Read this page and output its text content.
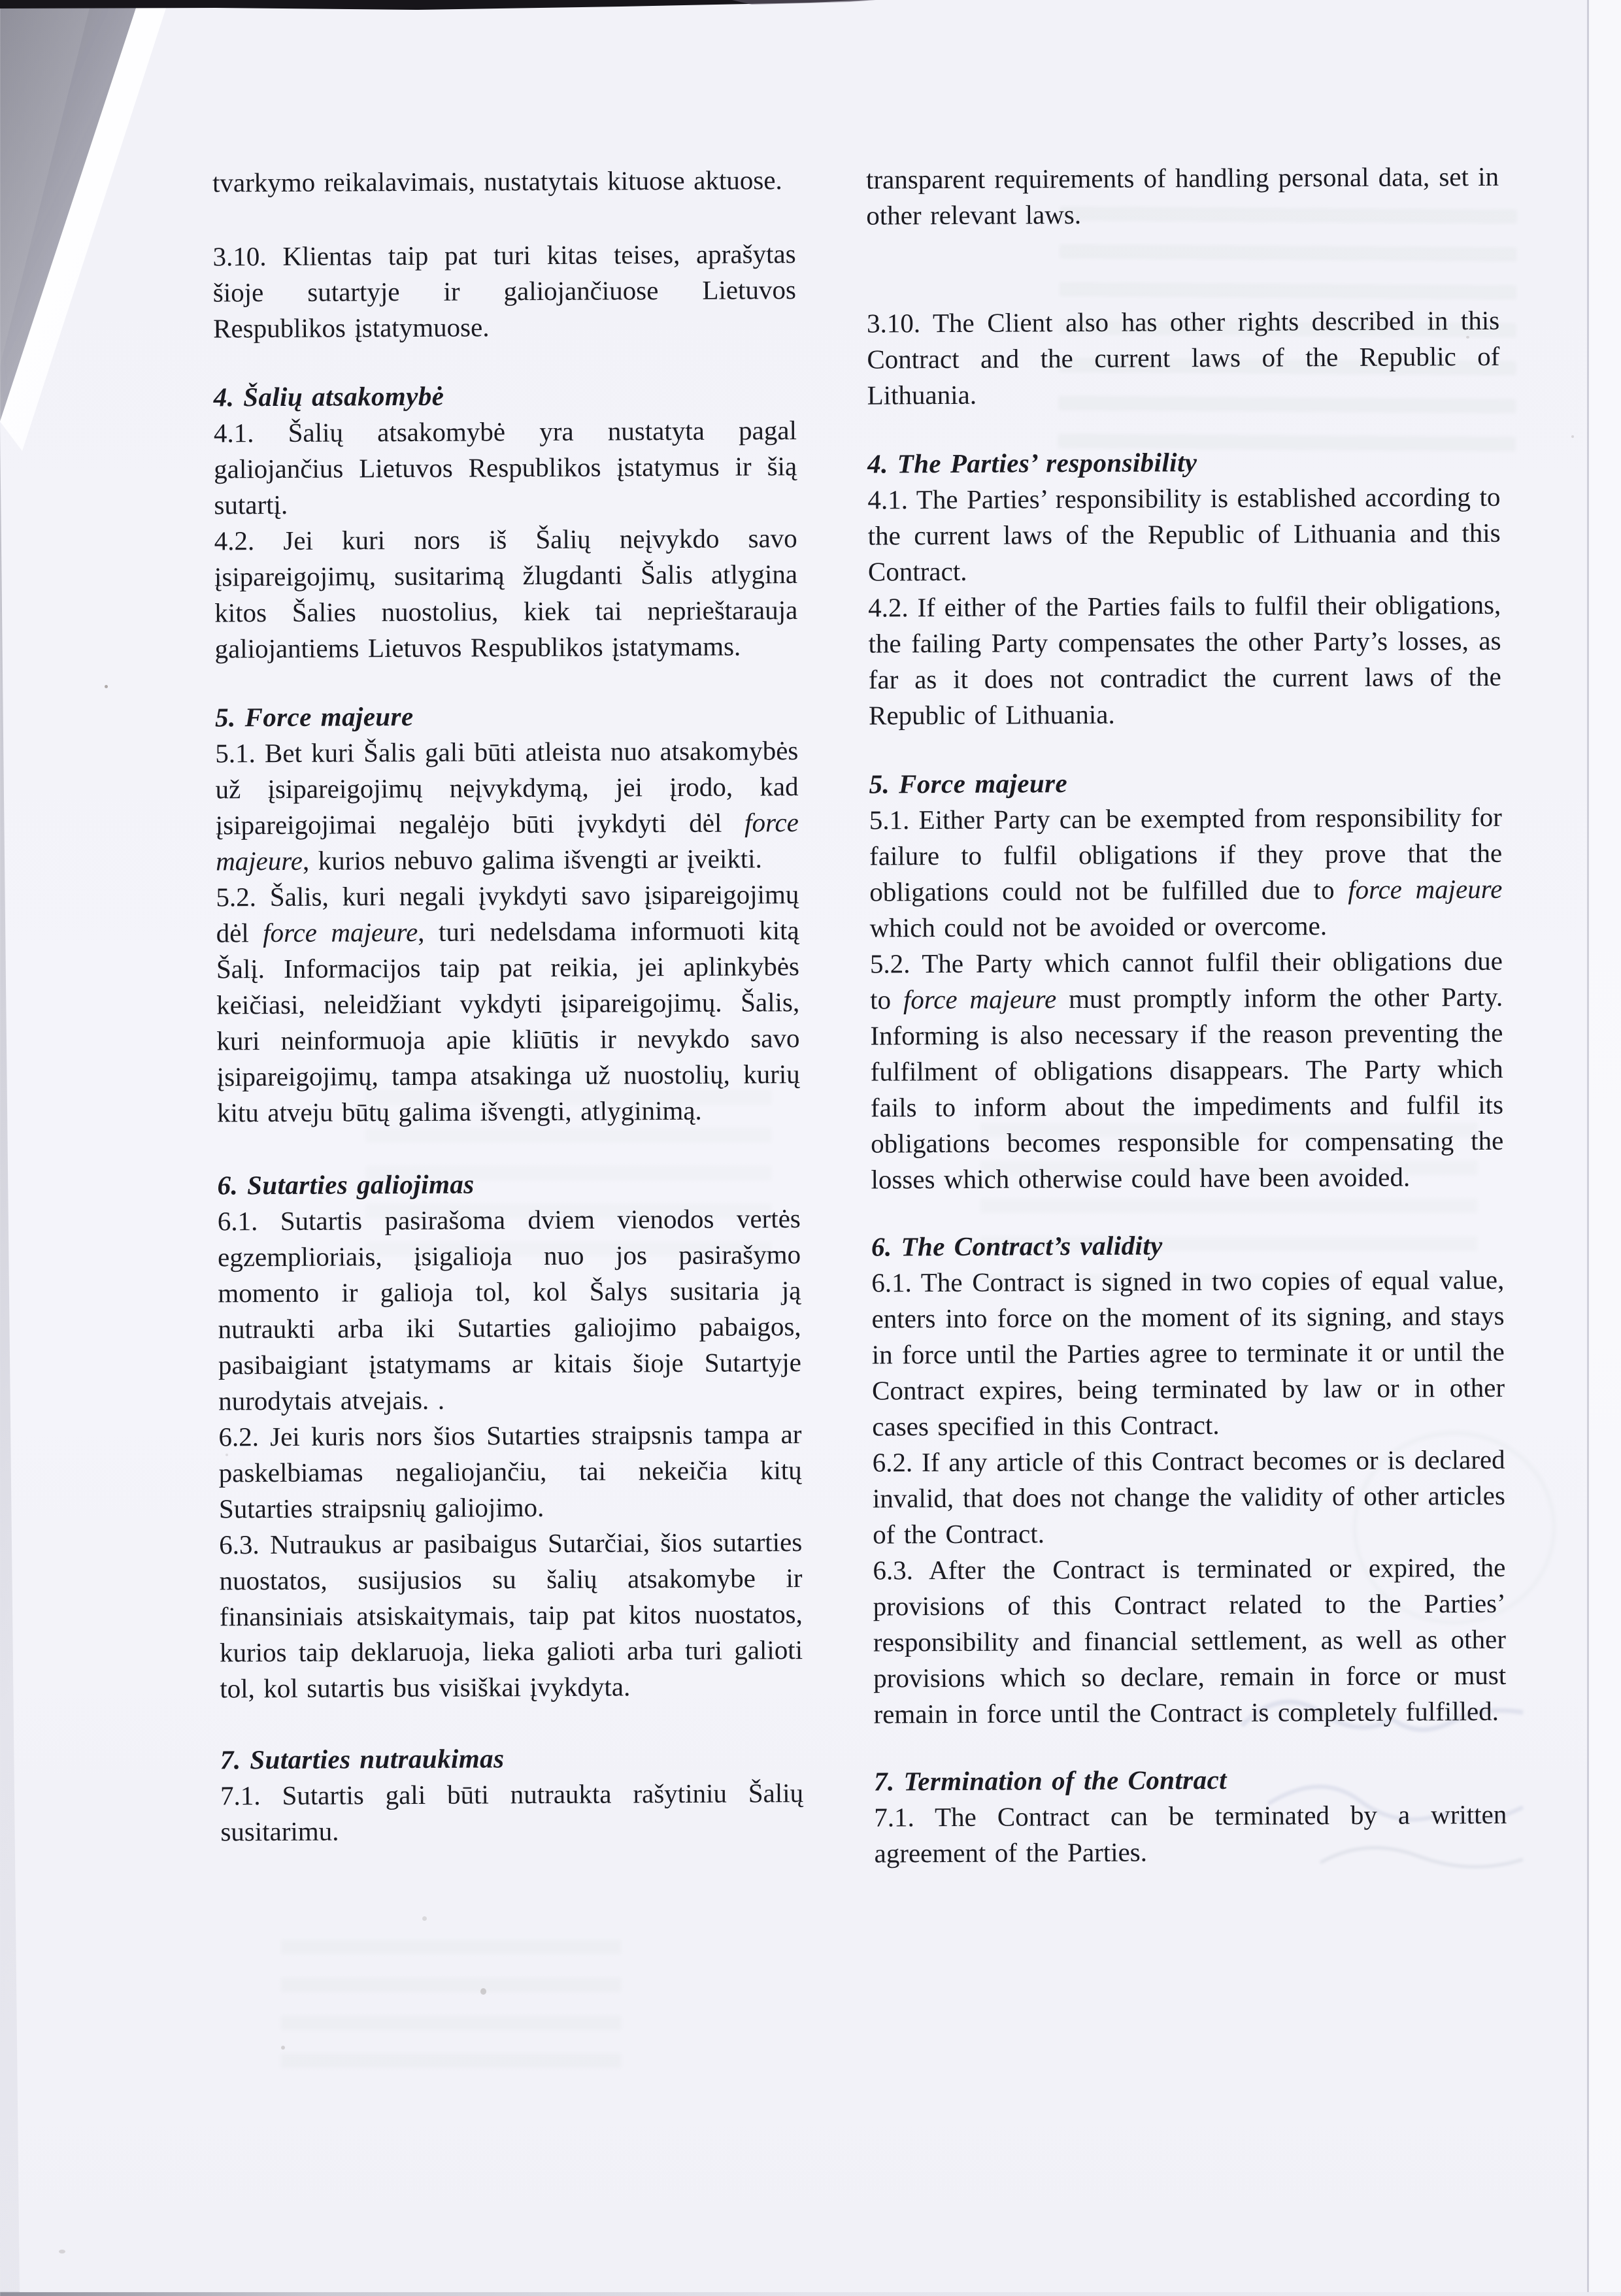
tvarkymo reikalavimais, nustatytais kituose aktuose.
3.10. Klientas taip pat turi kitas teises, aprašytas šioje sutartyje ir galiojančiuose Lietuvos Respublikos įstatymuose.
4. Šalių atsakomybė
4.1. Šalių atsakomybė yra nustatyta pagal galiojančius Lietuvos Respublikos įstatymus ir šią sutartį.
4.2. Jei kuri nors iš Šalių neįvykdo savo įsipareigojimų, susitarimą žlugdanti Šalis atlygina kitos Šalies nuostolius, kiek tai neprieštarauja galiojantiems Lietuvos Respublikos įstatymams.
5. Force majeure
5.1. Bet kuri Šalis gali būti atleista nuo atsakomybės už įsipareigojimų neįvykdymą, jei įrodo, kad įsipareigojimai negalėjo būti įvykdyti dėl force majeure, kurios nebuvo galima išvengti ar įveikti.
5.2. Šalis, kuri negali įvykdyti savo įsipareigojimų dėl force majeure, turi nedelsdama informuoti kitą Šalį. Informacijos taip pat reikia, jei aplinkybės keičiasi, neleidžiant vykdyti įsipareigojimų. Šalis, kuri neinformuoja apie kliūtis ir nevykdo savo įsipareigojimų, tampa atsakinga už nuostolių, kurių kitu atveju būtų galima išvengti, atlyginimą.
6. Sutarties galiojimas
6.1. Sutartis pasirašoma dviem vienodos vertės egzemplioriais, įsigalioja nuo jos pasirašymo momento ir galioja tol, kol Šalys susitaria ją nutraukti arba iki Sutarties galiojimo pabaigos, pasibaigiant įstatymams ar kitais šioje Sutartyje nurodytais atvejais. .
6.2. Jei kuris nors šios Sutarties straipsnis tampa ar paskelbiamas negaliojančiu, tai nekeičia kitų Sutarties straipsnių galiojimo.
6.3. Nutraukus ar pasibaigus Sutarčiai, šios sutarties nuostatos, susijusios su šalių atsakomybe ir finansiniais atsiskaitymais, taip pat kitos nuostatos, kurios taip deklaruoja, lieka galioti arba turi galioti tol, kol sutartis bus visiškai įvykdyta.
7. Sutarties nutraukimas
7.1. Sutartis gali būti nutraukta rašytiniu Šalių susitarimu.
transparent requirements of handling personal data, set in other relevant laws.
3.10. The Client also has other rights described in this Contract and the current laws of the Republic of Lithuania.
4. The Parties’ responsibility
4.1. The Parties’ responsibility is established according to the current laws of the Republic of Lithuania and this Contract.
4.2. If either of the Parties fails to fulfil their obligations, the failing Party compensates the other Party’s losses, as far as it does not contradict the current laws of the Republic of Lithuania.
5. Force majeure
5.1. Either Party can be exempted from responsibility for failure to fulfil obligations if they prove that the obligations could not be fulfilled due to force majeure which could not be avoided or overcome.
5.2. The Party which cannot fulfil their obligations due to force majeure must promptly inform the other Party. Informing is also necessary if the reason preventing the fulfilment of obligations disappears. The Party which fails to inform about the impediments and fulfil its obligations becomes responsible for compensating the losses which otherwise could have been avoided.
6. The Contract’s validity
6.1. The Contract is signed in two copies of equal value, enters into force on the moment of its signing, and stays in force until the Parties agree to terminate it or until the Contract expires, being terminated by law or in other cases specified in this Contract.
6.2. If any article of this Contract becomes or is declared invalid, that does not change the validity of other articles of the Contract.
6.3. After the Contract is terminated or expired, the provisions of this Contract related to the Parties’ responsibility and financial settlement, as well as other provisions which so declare, remain in force or must remain in force until the Contract is completely fulfilled.
7. Termination of the Contract
7.1. The Contract can be terminated by a written agreement of the Parties.
